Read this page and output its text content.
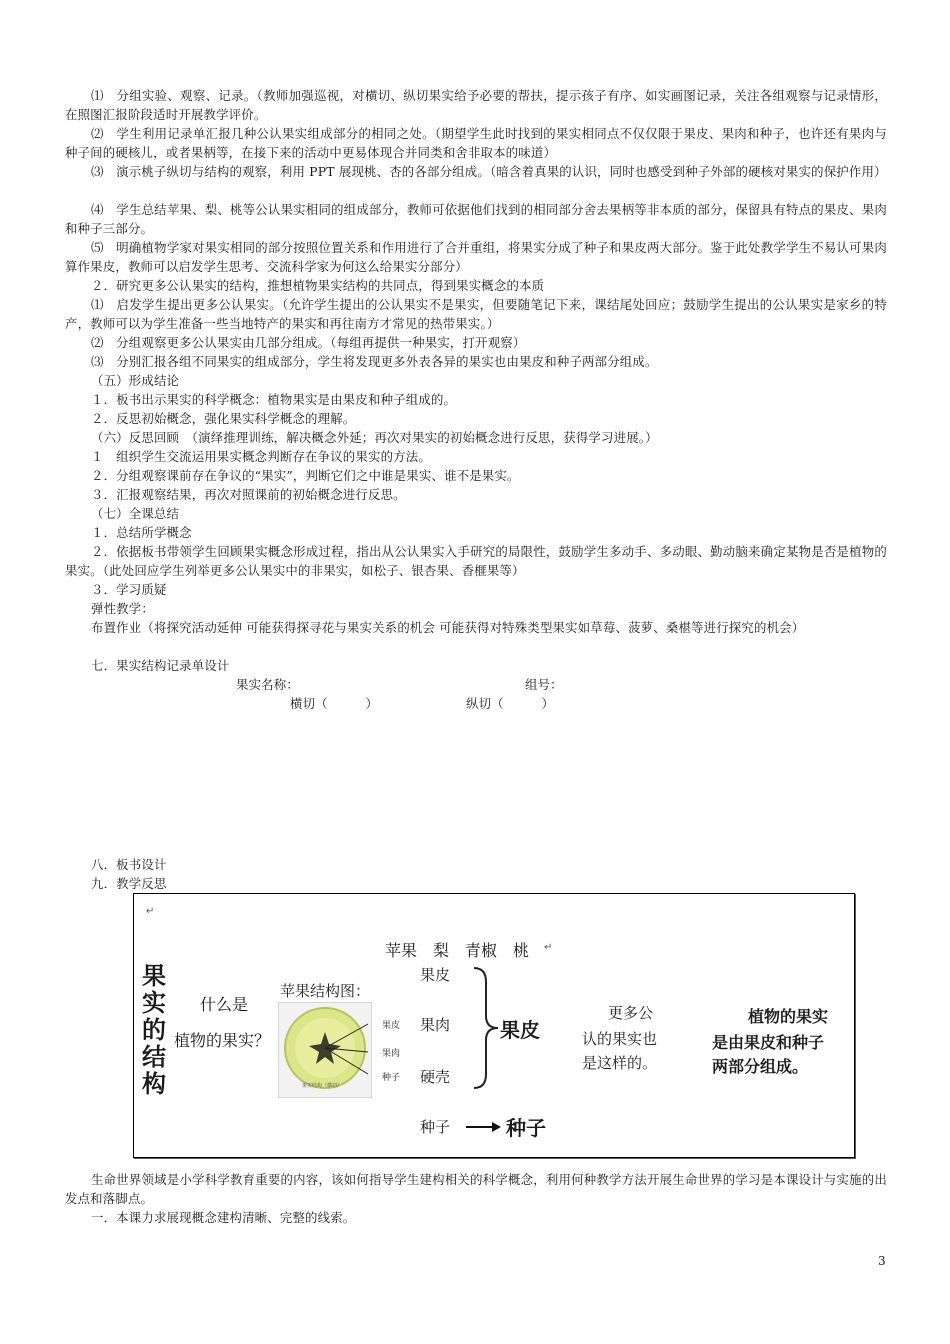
⑴　分组实验、观察、记录。（教师加强巡视，对横切、纵切果实给予必要的帮扶，提示孩子有序、如实画图记录，关注各组观察与记录情形，在照图汇报阶段适时开展教学评价。
⑵　学生利用记录单汇报几种公认果实组成部分的相同之处。（期望学生此时找到的果实相同点不仅仅限于果皮、果肉和种子，也许还有果肉与种子间的硬核儿，或者果柄等，在接下来的活动中更易体现合并同类和舍非取本的味道）
⑶　演示桃子纵切与结构的观察，利用 PPT 展现桃、杏的各部分组成。（暗含着真果的认识，同时也感受到种子外部的硬核对果实的保护作用）
⑷　学生总结苹果、梨、桃等公认果实相同的组成部分，教师可依据他们找到的相同部分舍去果柄等非本质的部分，保留具有特点的果皮、果肉和种子三部分。
⑸　明确植物学家对果实相同的部分按照位置关系和作用进行了合并重组，将果实分成了种子和果皮两大部分。鉴于此处教学学生不易认可果肉算作果皮，教师可以启发学生思考、交流科学家为何这么给果实分部分）
２．研究更多公认果实的结构，推想植物果实结构的共同点，得到果实概念的本质
⑴　启发学生提出更多公认果实。（允许学生提出的公认果实不是果实，但要随笔记下来，课结尾处回应；鼓励学生提出的公认果实是家乡的特产，教师可以为学生准备一些当地特产的果实和再往南方才常见的热带果实。）
⑵　分组观察更多公认果实由几部分组成。（每组再提供一种果实，打开观察）
⑶　分别汇报各组不同果实的组成部分，学生将发现更多外表各异的果实也由果皮和种子两部分组成。
（五）形成结论
１．板书出示果实的科学概念：植物果实是由果皮和种子组成的。
２．反思初始概念，强化果实科学概念的理解。
（六）反思回顾　（演绎推理训练，解决概念外延；再次对果实的初始概念进行反思，获得学习进展。）
１　组织学生交流运用果实概念判断存在争议的果实的方法。
２．分组观察课前存在争议的“果实”，判断它们之中谁是果实、谁不是果实。
３．汇报观察结果，再次对照课前的初始概念进行反思。
（七）全课总结
１．总结所学概念
２．依据板书带领学生回顾果实概念形成过程，指出从公认果实入手研究的局限性，鼓励学生多动手、多动眼、勤动脑来确定某物是否是植物的果实。（此处回应学生列举更多公认果实中的非果实，如松子、银杏果、香榧果等）
３．学习质疑
弹性教学：
布置作业（将探究活动延伸 可能获得探寻花与果实关系的机会 可能获得对特殊类型果实如草莓、菠萝、桑椹等进行探究的机会）
七．果实结构记录单设计
果实名称：	组号：
横切（　　　）	纵切（　　　）
八．板书设计
九．教学反思
↵
苹果　梨　青椒　桃 ↵
果实的结构
什么是
植物的果实？
苹果结构图：
果实结构（横切）
果皮
果肉
种子
果皮
果肉
硬壳
果皮
更多公
认的果实也
是这样的。
植物的果实
是由果皮和种子
两部分组成。
种子	种子
生命世界领域是小学科学教育重要的内容，该如何指导学生建构相关的科学概念，利用何种教学方法开展生命世界的学习是本课设计与实施的出发点和落脚点。
一．本课力求展现概念建构清晰、完整的线索。
3
